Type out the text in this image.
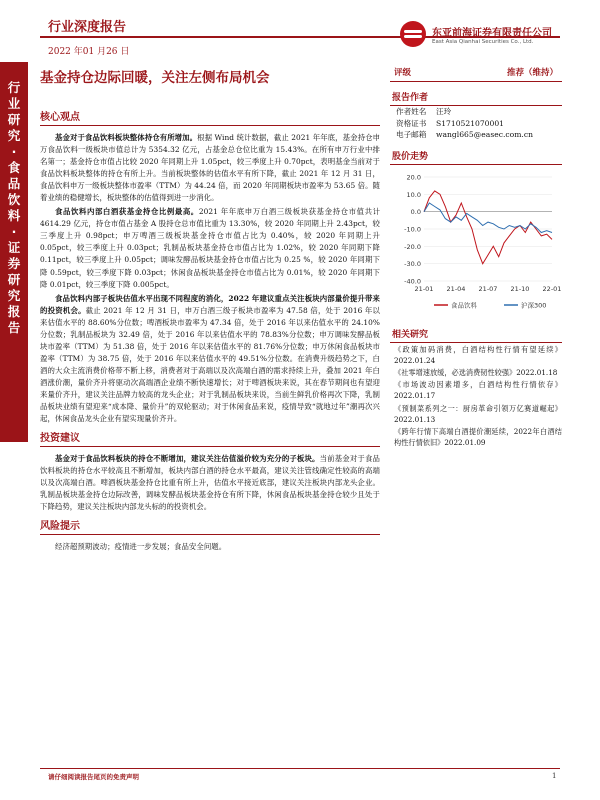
行业深度报告
2022 年01 月26 日
东亚前海证券有限责任公司
East Asia Qianhai Securities Co., Ltd.
行
业
研
究
·
食
品
饮
料
·
证
券
研
究
报
告
基金持仓边际回暖，关注左侧布局机会
核心观点

基金对于食品饮料板块整体持仓有所增加。根据 Wind 统计数据，截止 2021 年年底，基金持仓申万食品饮料一级板块市值总计为 5354.32 亿元，占基金总仓位比重为 15.43%。在所有申万行业中排名第一；基金持仓市值占比较 2020 年同期上升 1.05pct，较三季度上升 0.70pct，表明基金当前对于食品饮料板块整体的持仓有所上升。当前板块整体的估值水平有所下降，截止 2021 年 12 月 31 日，食品饮料申万一级板块整体市盈率（TTM）为 44.24 倍，而 2020 年同期板块市盈率为 53.65 倍。随着业绩的稳健增长，板块整体的估值得到进一步消化。

食品饮料内部白酒获基金持仓比例最高。2021 年年底申万白酒三级板块获基金持仓市值共计 4614.29 亿元，持仓市值占基金 A 股持仓总市值比重为 13.30%，较 2020 年同期上升 2.43pct，较三季度上升 0.98pct；申万啤酒三级板块基金持仓市值占比为 0.40%，较 2020 年同期上升 0.05pct，较三季度上升 0.03pct；乳制品板块基金持仓市值占比为 1.02%，较 2020 年同期下降 0.11pct，较三季度上升 0.05pct；调味发酵品板块基金持仓市值占比为 0.25 %，较 2020 年同期下降 0.59pct，较三季度下降 0.03pct；休闲食品板块基金持仓市值占比为 0.01%，较 2020 年同期下降 0.01pct，较三季度下降 0.005pct。

食品饮料内部子板块估值水平出现不同程度的消化，2022 年建议重点关注板块内部量价提升带来的投资机会。截止 2021 年 12 月 31 日，申万白酒三级子板块市盈率为 47.58 倍，处于 2016 年以来估值水平的 88.60%分位数；啤酒板块市盈率为 47.34 倍，处于 2016 年以来估值水平的 24.10%分位数；乳制品板块为 32.49 倍，处于 2016 年以来估值水平的 78.83%分位数；申万调味发酵品板块市盈率（TTM）为 51.38 倍，处于 2016 年以来估值水平的 81.76%分位数；申万休闲食品板块市盈率（TTM）为 38.75 倍，处于 2016 年以来估值水平的 49.51%分位数。在消费升级趋势之下，白酒的大众主流消费价格带不断上移，消费者对于高端以及次高端白酒的需求持续上升，叠加 2021 年白酒涨价潮，量价齐升将驱动次高端酒企业绩不断快速增长；对于啤酒板块来说，其在春节期间也有望迎来量价齐升，建议关注品牌力较高的龙头企业；对于乳制品板块来说，当前生鲜乳价格再次下降，乳制品板块业绩有望迎来“成本降、量价升”的双轮驱动；对于休闲食品来说，疫情导致“就地过年”潮再次兴起，休闲食品龙头企业有望实现量价齐升。

投资建议

基金对于食品饮料板块的持仓不断增加，建议关注估值溢价较为充分的子板块。当前基金对于食品饮料板块的持仓水平较高且不断增加，板块内部白酒的持仓水平最高，建议关注管线确定性较高的高端以及次高端白酒。啤酒板块基金持仓比重有所上升，估值水平接近底部，建议关注板块内部龙头企业。乳制品板块基金持仓边际改善，调味发酵品板块基金持仓有所下降，休闲食品板块基金持仓较少且处于下降趋势，建议关注板块内部龙头标的的投资机会。

风险提示

经济超预期波动；疫情进一步发展；食品安全问题。

评级	推荐（维持）
报告作者
作者姓名	汪玲
资格证书	S1710521070001
电子邮箱	wangl665@easec.com.cn
股价走势
20.0
10.0
0.0
-10.0
-20.0
-30.0
-40.0
21-01 21-04 21-07 21-10 22-01
食品饮料	沪深300
相关研究
《政策加码消费，白酒结构性行情有望延续》2022.01.24
《社零增速放缓，必选消费韧性较强》2022.01.18
《市场波动因素增多，白酒结构性行情依存》2022.01.17
《预制菜系列之一：厨房革命引领万亿赛道崛起》2022.01.13
《跨年行情下高端白酒提价潮延续，2022年白酒结构性行情依旧》2022.01.09
请仔细阅读报告尾页的免责声明	1
